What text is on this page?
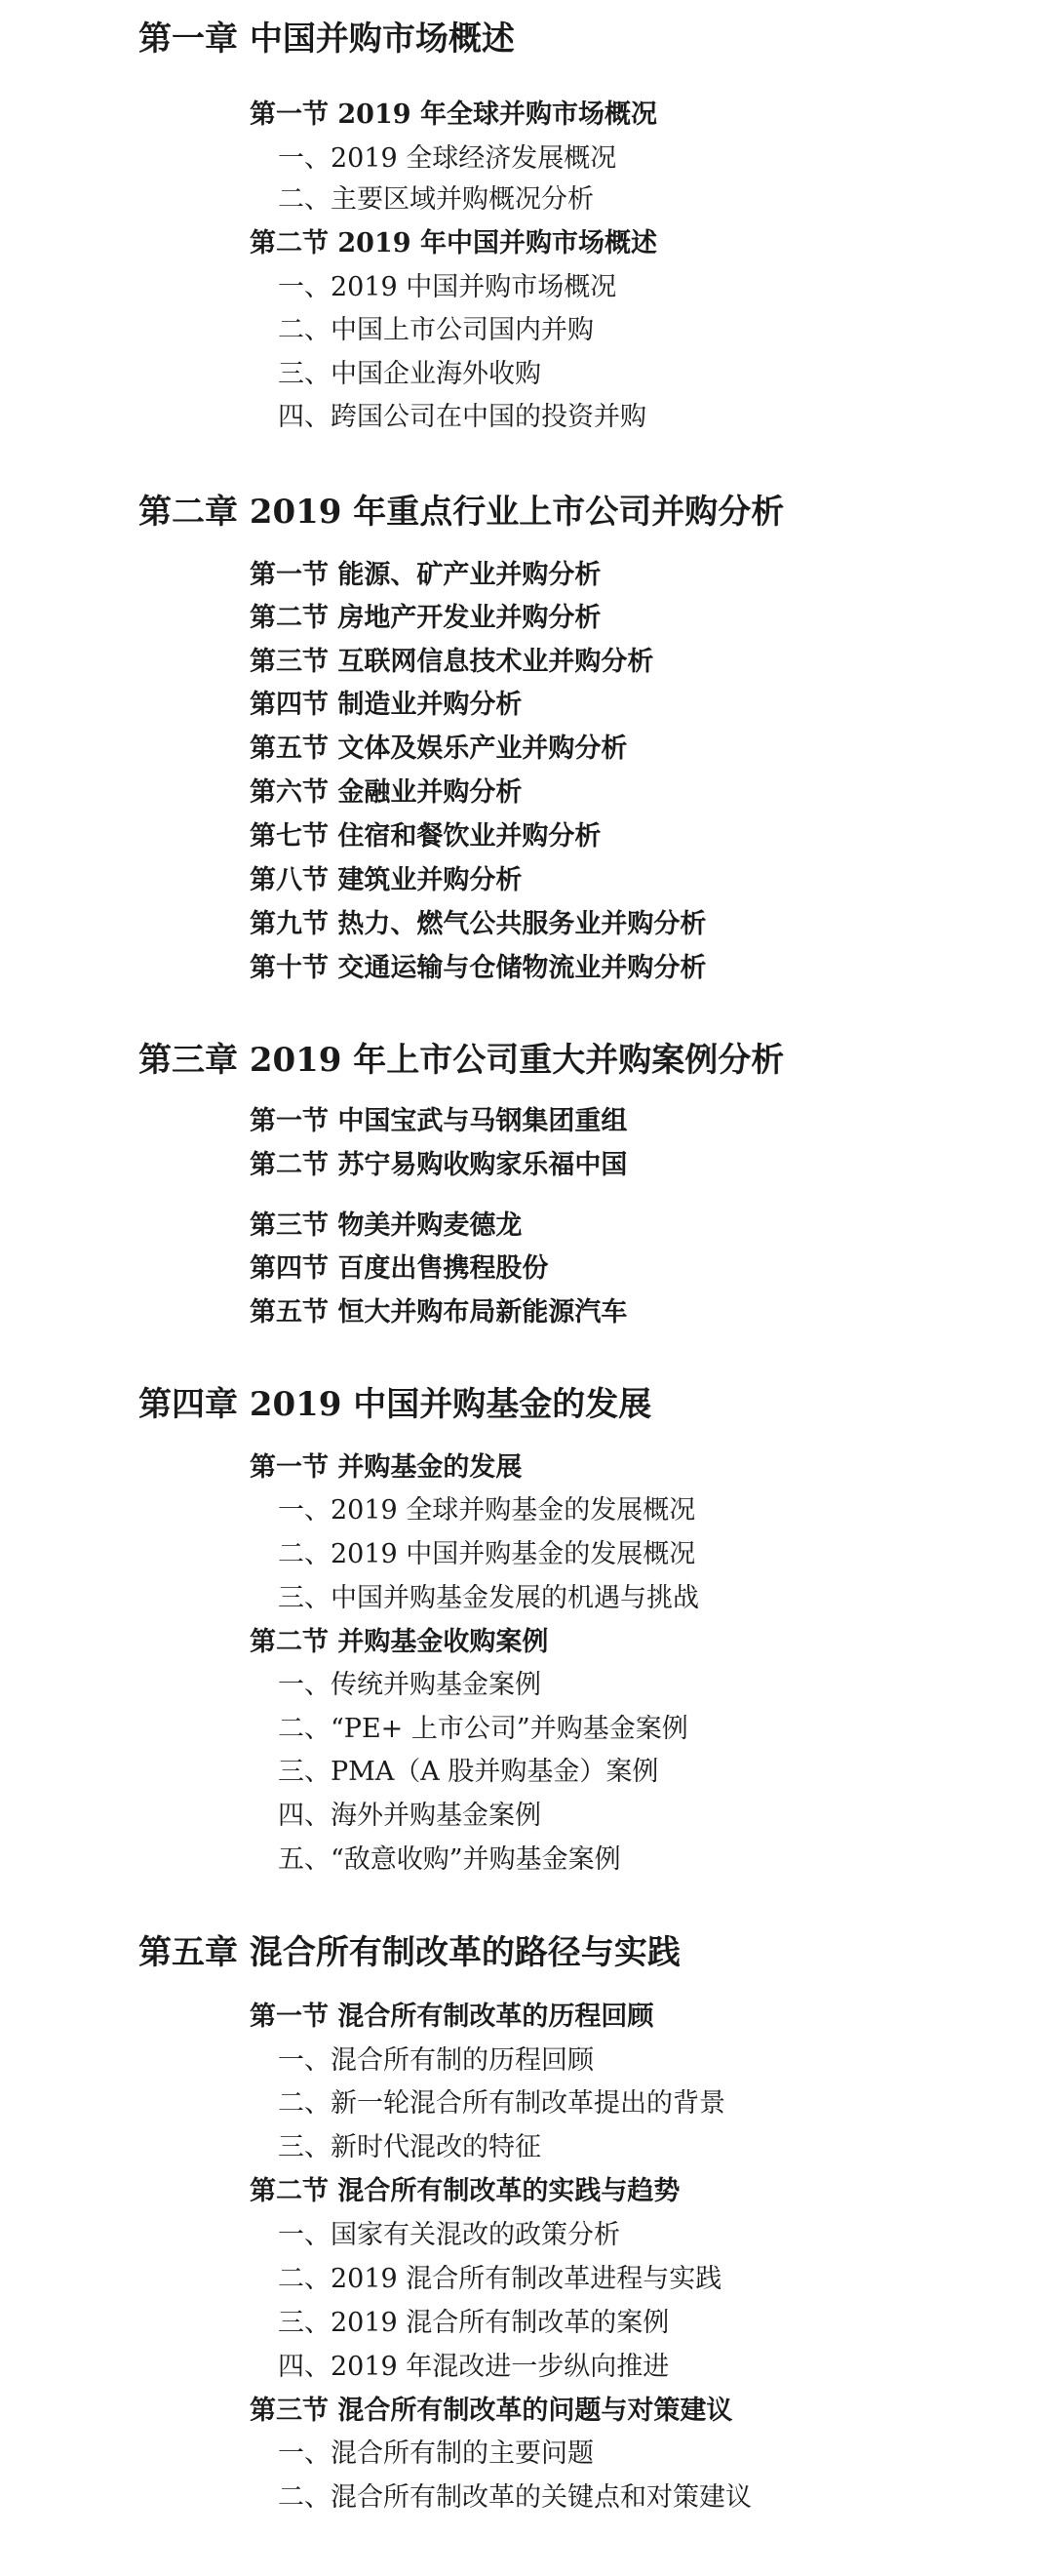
第一章 中国并购市场概述
第一节 2019 年全球并购市场概况
一、2019 全球经济发展概况
二、主要区域并购概况分析
第二节 2019 年中国并购市场概述
一、2019 中国并购市场概况
二、中国上市公司国内并购
三、中国企业海外收购
四、跨国公司在中国的投资并购
第二章 2019 年重点行业上市公司并购分析
第一节 能源、矿产业并购分析
第二节 房地产开发业并购分析
第三节 互联网信息技术业并购分析
第四节 制造业并购分析
第五节 文体及娱乐产业并购分析
第六节 金融业并购分析
第七节 住宿和餐饮业并购分析
第八节 建筑业并购分析
第九节 热力、燃气公共服务业并购分析
第十节 交通运输与仓储物流业并购分析
第三章 2019 年上市公司重大并购案例分析
第一节 中国宝武与马钢集团重组
第二节 苏宁易购收购家乐福中国
第三节 物美并购麦德龙
第四节 百度出售携程股份
第五节 恒大并购布局新能源汽车
第四章 2019 中国并购基金的发展
第一节 并购基金的发展
一、2019 全球并购基金的发展概况
二、2019 中国并购基金的发展概况
三、中国并购基金发展的机遇与挑战
第二节 并购基金收购案例
一、传统并购基金案例
二、“PE+ 上市公司”并购基金案例
三、PMA（A 股并购基金）案例
四、海外并购基金案例
五、“敌意收购”并购基金案例
第五章 混合所有制改革的路径与实践
第一节 混合所有制改革的历程回顾
一、混合所有制的历程回顾
二、新一轮混合所有制改革提出的背景
三、新时代混改的特征
第二节 混合所有制改革的实践与趋势
一、国家有关混改的政策分析
二、2019 混合所有制改革进程与实践
三、2019 混合所有制改革的案例
四、2019 年混改进一步纵向推进
第三节 混合所有制改革的问题与对策建议
一、混合所有制的主要问题
二、混合所有制改革的关键点和对策建议
